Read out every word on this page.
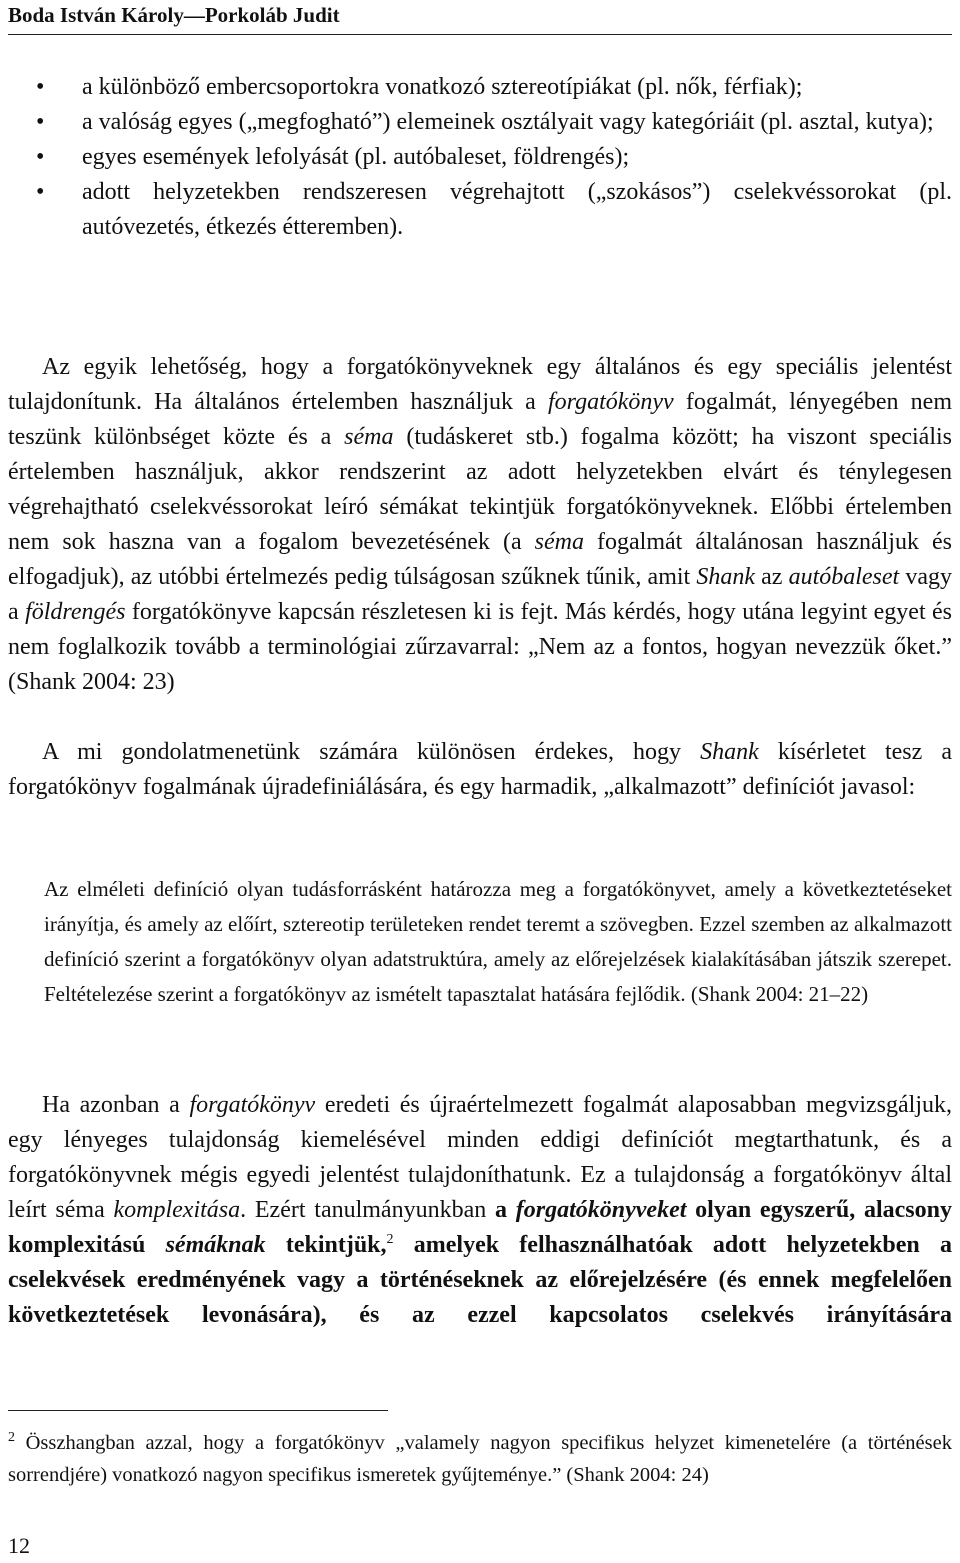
Boda István Károly—Porkoláb Judit
• a különböző embercsoportokra vonatkozó sztereotípiákat (pl. nők, férfiak);
• a valóság egyes („megfogható”) elemeinek osztályait vagy kategóriáit (pl. asztal, kutya);
• egyes események lefolyását (pl. autóbaleset, földrengés);
• adott helyzetekben rendszeresen végrehajtott („szokásos”) cselekvéssorokat (pl. autóvezetés, étkezés étteremben).

Az egyik lehetőség, hogy a forgatókönyveknek egy általános és egy speciális jelentést tulajdonítunk. Ha általános értelemben használjuk a forgatókönyv fogalmát, lényegében nem teszünk különbséget közte és a séma (tudáskeret stb.) fogalma között; ha viszont speciális értelemben használjuk, akkor rendszerint az adott helyzetekben elvárt és ténylegesen végrehajtható cselekvéssorokat leíró sémákat tekintjük forgatókönyveknek. Előbbi értelemben nem sok haszna van a fogalom bevezetésének (a séma fogalmát általánosan használjuk és elfogadjuk), az utóbbi értelmezés pedig túlságosan szűknek tűnik, amit Shank az autóbaleset vagy a földrengés forgatókönyve kapcsán részletesen ki is fejt. Más kérdés, hogy utána legyint egyet és nem foglalkozik tovább a terminológiai zűrzavarral: „Nem az a fontos, hogyan nevezzük őket.” (Shank 2004: 23)

A mi gondolatmenetünk számára különösen érdekes, hogy Shank kísérletet tesz a forgatókönyv fogalmának újradefiniálására, és egy harmadik, „alkalmazott” definíciót javasol:

Az elméleti definíció olyan tudásforrásként határozza meg a forgatókönyvet, amely a következtetéseket irányítja, és amely az előírt, sztereotip területeken rendet teremt a szövegben. Ezzel szemben az alkalmazott definíció szerint a forgatókönyv olyan adatstruktúra, amely az előrejelzések kialakításában játszik szerepet. Feltételezése szerint a forgatókönyv az ismételt tapasztalat hatására fejlődik. (Shank 2004: 21–22)

Ha azonban a forgatókönyv eredeti és újraértelmezett fogalmát alaposabban megvizsgáljuk, egy lényeges tulajdonság kiemelésével minden eddigi definíciót megtarthatunk, és a forgatókönyvnek mégis egyedi jelentést tulajdoníthatunk. Ez a tulajdonság a forgatókönyv által leírt séma komplexitása. Ezért tanulmányunkban a forgatókönyveket olyan egyszerű, alacsony komplexitású sémáknak tekintjük,$^2$ amelyek felhasználhatóak adott helyzetekben a cselekvések eredményének vagy a történéseknek az előrejelzésére (és ennek megfelelően következtetések levonására), és az ezzel kapcsolatos cselekvés irányítására

$^2$ Összhangban azzal, hogy a forgatókönyv „valamely nagyon specifikus helyzet kimenetelére (a történések sorrendjére) vonatkozó nagyon specifikus ismeretek gyűjteménye.” (Shank 2004: 24)

12
